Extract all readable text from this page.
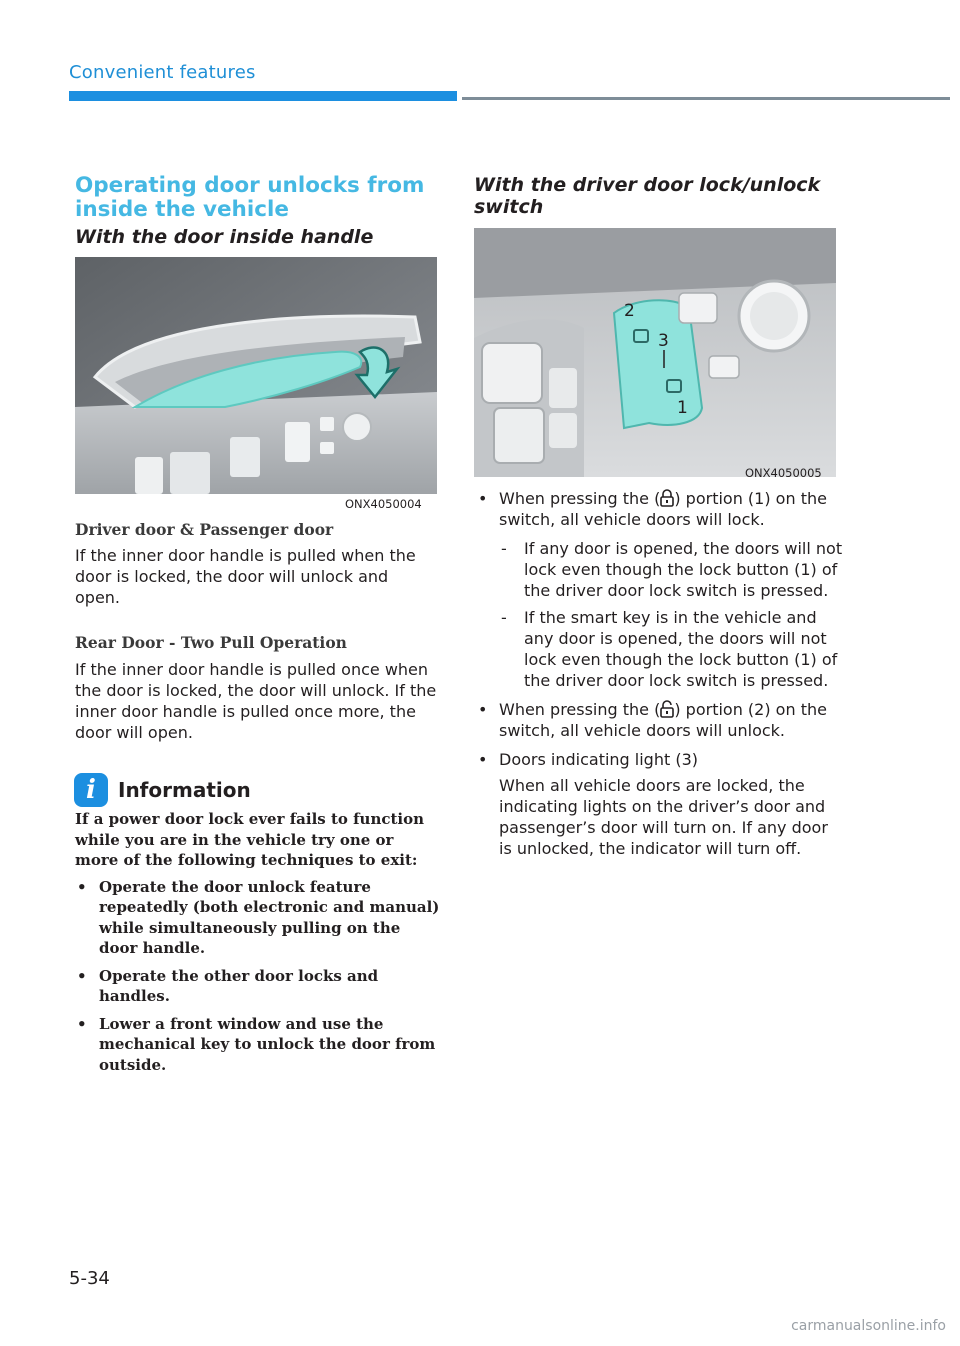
Convenient features
Operating door unlocks from inside the vehicle
With the door inside handle
ONX4050004
Driver door & Passenger door

If the inner door handle is pulled when the door is locked, the door will unlock and open.

Rear Door - Two Pull Operation

If the inner door handle is pulled once when the door is locked, the door will unlock. If the inner door handle is pulled once more, the door will open.

i	Information

If a power door lock ever fails to function while you are in the vehicle try one or more of the following techniques to exit:

• Operate the door unlock feature repeatedly (both electronic and manual) while simultaneously pulling on the door handle.
• Operate the other door locks and handles.
• Lower a front window and use the mechanical key to unlock the door from outside.
With the driver door lock/unlock switch
2
3
1
ONX4050005
• When pressing the ( ) portion (1) on the switch, all vehicle doors will lock.
- If any door is opened, the doors will not lock even though the lock button (1) of the driver door lock switch is pressed.
- If the smart key is in the vehicle and any door is opened, the doors will not lock even though the lock button (1) of the driver door lock switch is pressed.
• When pressing the ( ) portion (2) on the switch, all vehicle doors will unlock.
• Doors indicating light (3)
When all vehicle doors are locked, the indicating lights on the driver’s door and passenger’s door will turn on. If any door is unlocked, the indicator will turn off.
5-34
carmanualsonline.info
